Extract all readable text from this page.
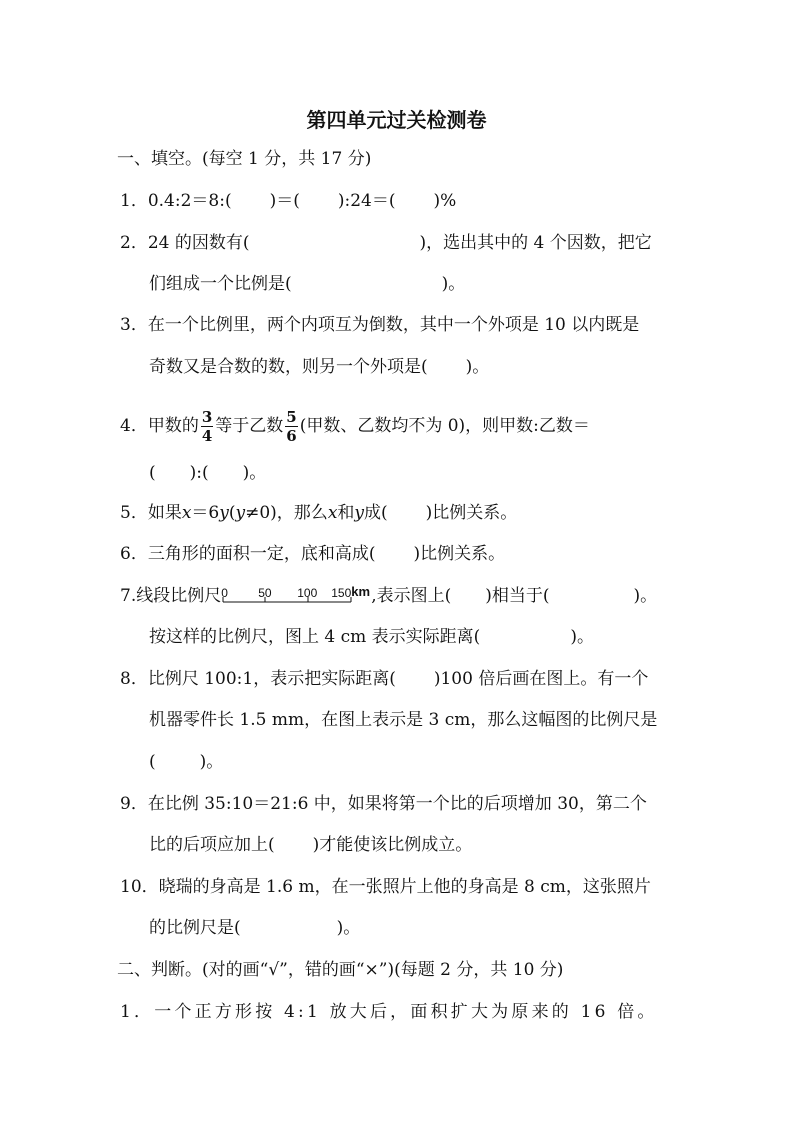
第四单元过关检测卷
一、填空。(每空 1 分，共 17 分)
1．0.4:2＝8:( )＝( ):24＝( )%
2．24 的因数有(	)，选出其中的 4 个因数，把它
们组成一个比例是(	)。
3．在一个比例里，两个内项互为倒数，其中一个外项是 10 以内既是
奇数又是合数的数，则另一个外项是( )。
4．甲数的 $\frac{3}{4}$ 等于乙数 $\frac{5}{6}$ (甲数、乙数均不为 0)，则甲数:乙数＝
( ):( )。
5．如果x＝6y(y≠0)，那么x和y成( )比例关系。
6．三角形的面积一定，底和高成( )比例关系。
7.线段比例尺 0	50 100 150 km ,表示图上( )相当于(	)。
按这样的比例尺，图上 4 cm 表示实际距离(	)。
8．比例尺 100:1，表示把实际距离( )100 倍后画在图上。有一个
机器零件长 1.5 mm，在图上表示是 3 cm，那么这幅图的比例尺是
(	)。
9．在比例 35:10＝21:6 中，如果将第一个比的后项增加 30，第二个
比的后项应加上( )才能使该比例成立。
10．晓瑞的身高是 1.6 m，在一张照片上他的身高是 8 cm，这张照片
的比例尺是(	)。
二、判断。(对的画“√”，错的画“×”)(每题 2 分，共 10 分)
1．一个正方形按 4:1 放大后，面积扩大为原来的 16 倍。
